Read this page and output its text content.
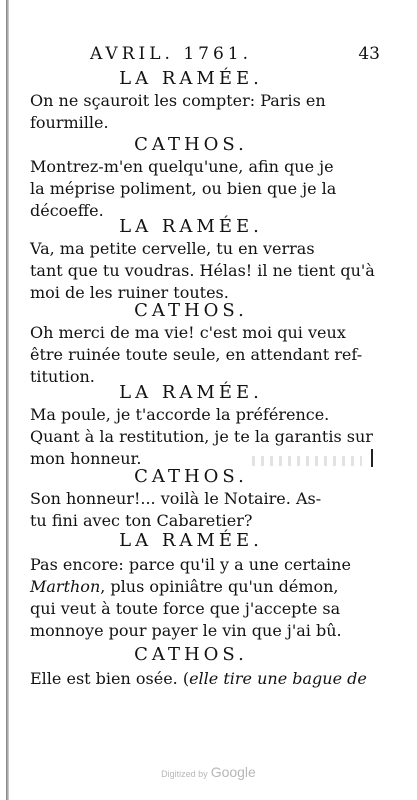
AVRIL. 1761.	43
LA RAMÉE.
On ne sçauroit les compter: Paris en
fourmille.
CATHOS.
Montrez-m'en quelqu'une, afin que je
la méprise poliment, ou bien que je la
décoeffe.
LA RAMÉE.
Va, ma petite cervelle, tu en verras
tant que tu voudras. Hélas! il ne tient qu'à
moi de les ruiner toutes.
CATHOS.
Oh merci de ma vie! c'est moi qui veux
être ruinée toute seule, en attendant ref-
titution.
LA RAMÉE.
Ma poule, je t'accorde la préférence.
Quant à la restitution, je te la garantis sur
mon honneur.
CATHOS.
Son honneur!... voilà le Notaire. As-
tu fini avec ton Cabaretier?
LA RAMÉE.
Pas encore: parce qu'il y a une certaine
Marthon, plus opiniâtre qu'un démon,
qui veut à toute force que j'accepte sa
monnoye pour payer le vin que j'ai bû.
CATHOS.
Elle est bien osée. (elle tire une bague de
Digitized by Google
